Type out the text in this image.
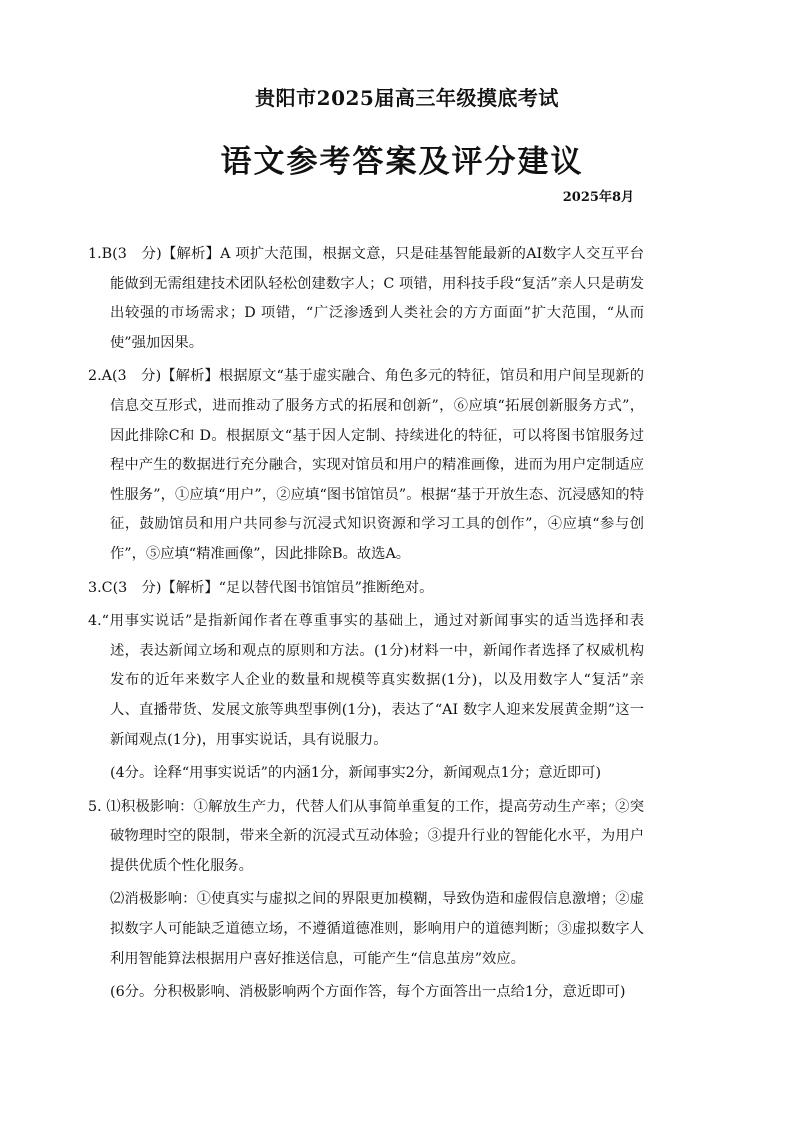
贵阳市2025届高三年级摸底考试
语文参考答案及评分建议
2025年8月
1.B(3　分)【解析】A 项扩大范围，根据文意，只是硅基智能最新的AI数字人交互平台能做到无需组建技术团队轻松创建数字人；C 项错，用科技手段“复活”亲人只是萌发出较强的市场需求；D 项错，“广泛渗透到人类社会的方方面面”扩大范围，“从而使”强加因果。
2.A(3　分)【解析】根据原文“基于虚实融合、角色多元的特征，馆员和用户间呈现新的信息交互形式，进而推动了服务方式的拓展和创新”，⑥应填“拓展创新服务方式”，因此排除C和 D。根据原文“基于因人定制、持续进化的特征，可以将图书馆服务过程中产生的数据进行充分融合，实现对馆员和用户的精准画像，进而为用户定制适应性服务”，①应填“用户”，②应填“图书馆馆员”。根据“基于开放生态、沉浸感知的特征，鼓励馆员和用户共同参与沉浸式知识资源和学习工具的创作”，④应填“参与创作”，⑤应填“精准画像”，因此排除B。故选A。
3.C(3　分)【解析】“足以替代图书馆馆员”推断绝对。
4.“用事实说话”是指新闻作者在尊重事实的基础上，通过对新闻事实的适当选择和表述，表达新闻立场和观点的原则和方法。(1分)材料一中，新闻作者选择了权威机构发布的近年来数字人企业的数量和规模等真实数据(1分)，以及用数字人“复活”亲人、直播带货、发展文旅等典型事例(1分)，表达了“AI 数字人迎来发展黄金期”这一新闻观点(1分)，用事实说话，具有说服力。
(4分。诠释“用事实说话”的内涵1分，新闻事实2分，新闻观点1分；意近即可)
5. ⑴积极影响：①解放生产力，代替人们从事简单重复的工作，提高劳动生产率；②突破物理时空的限制，带来全新的沉浸式互动体验；③提升行业的智能化水平，为用户提供优质个性化服务。
⑵消极影响：①使真实与虚拟之间的界限更加模糊，导致伪造和虚假信息激增；②虚拟数字人可能缺乏道德立场，不遵循道德准则，影响用户的道德判断；③虚拟数字人利用智能算法根据用户喜好推送信息，可能产生“信息茧房”效应。
(6分。分积极影响、消极影响两个方面作答，每个方面答出一点给1分，意近即可)
